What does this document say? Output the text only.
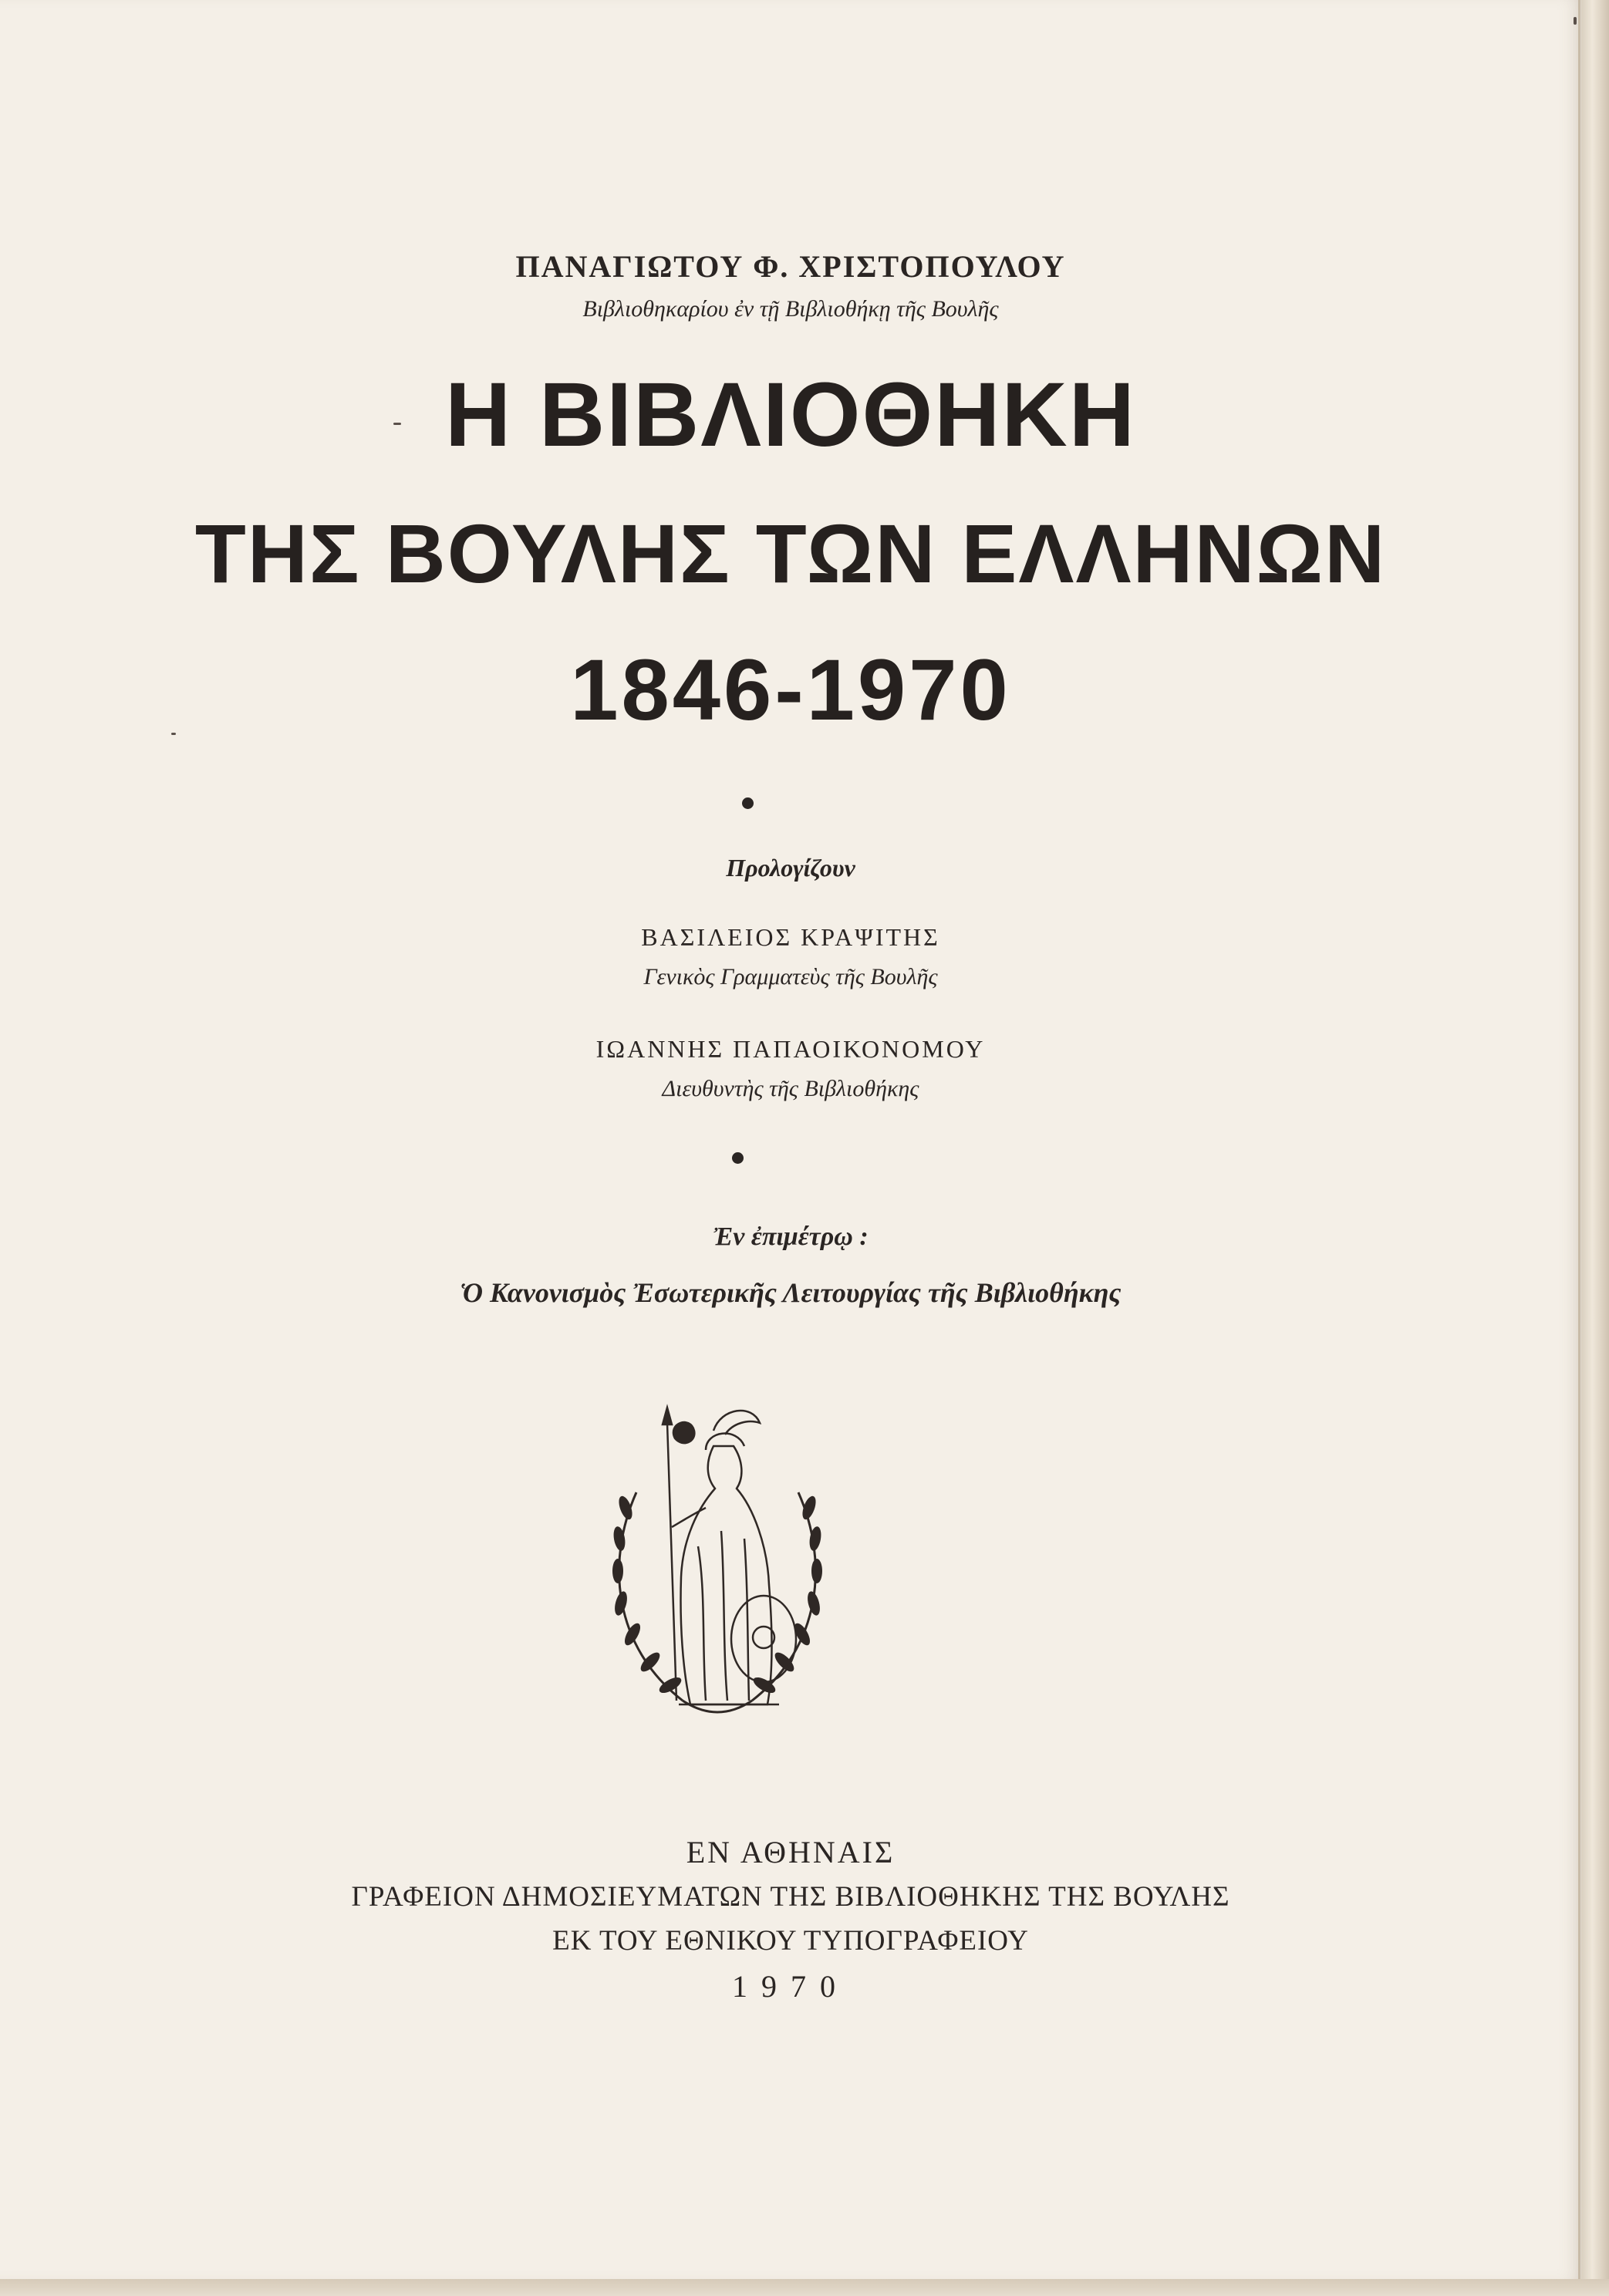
ΠΑΝΑΓΙΩΤΟΥ Φ. ΧΡΙΣΤΟΠΟΥΛΟΥ
Βιβλιοθηκαρίου ἐν τῇ Βιβλιοθήκῃ τῆς Βουλῆς
Η ΒΙΒΛΙΟΘΗΚΗ
ΤΗΣ ΒΟΥΛΗΣ ΤΩΝ ΕΛΛΗΝΩΝ
1846-1970
Προλογίζουν
ΒΑΣΙΛΕΙΟΣ ΚΡΑΨΙΤΗΣ
Γενικὸς Γραμματεὺς τῆς Βουλῆς
ΙΩΑΝΝΗΣ ΠΑΠΑΟΙΚΟΝΟΜΟΥ
Διευθυντὴς τῆς Βιβλιοθήκης
Ἐν ἐπιμέτρῳ :
Ὁ Κανονισμὸς Ἐσωτερικῆς Λειτουργίας τῆς Βιβλιοθήκης
ΕΝ ΑΘΗΝΑΙΣ
ΓΡΑΦΕΙΟΝ ΔΗΜΟΣΙΕΥΜΑΤΩΝ ΤΗΣ ΒΙΒΛΙΟΘΗΚΗΣ ΤΗΣ ΒΟΥΛΗΣ
ΕΚ ΤΟΥ ΕΘΝΙΚΟΥ ΤΥΠΟΓΡΑΦΕΙΟΥ
1970
